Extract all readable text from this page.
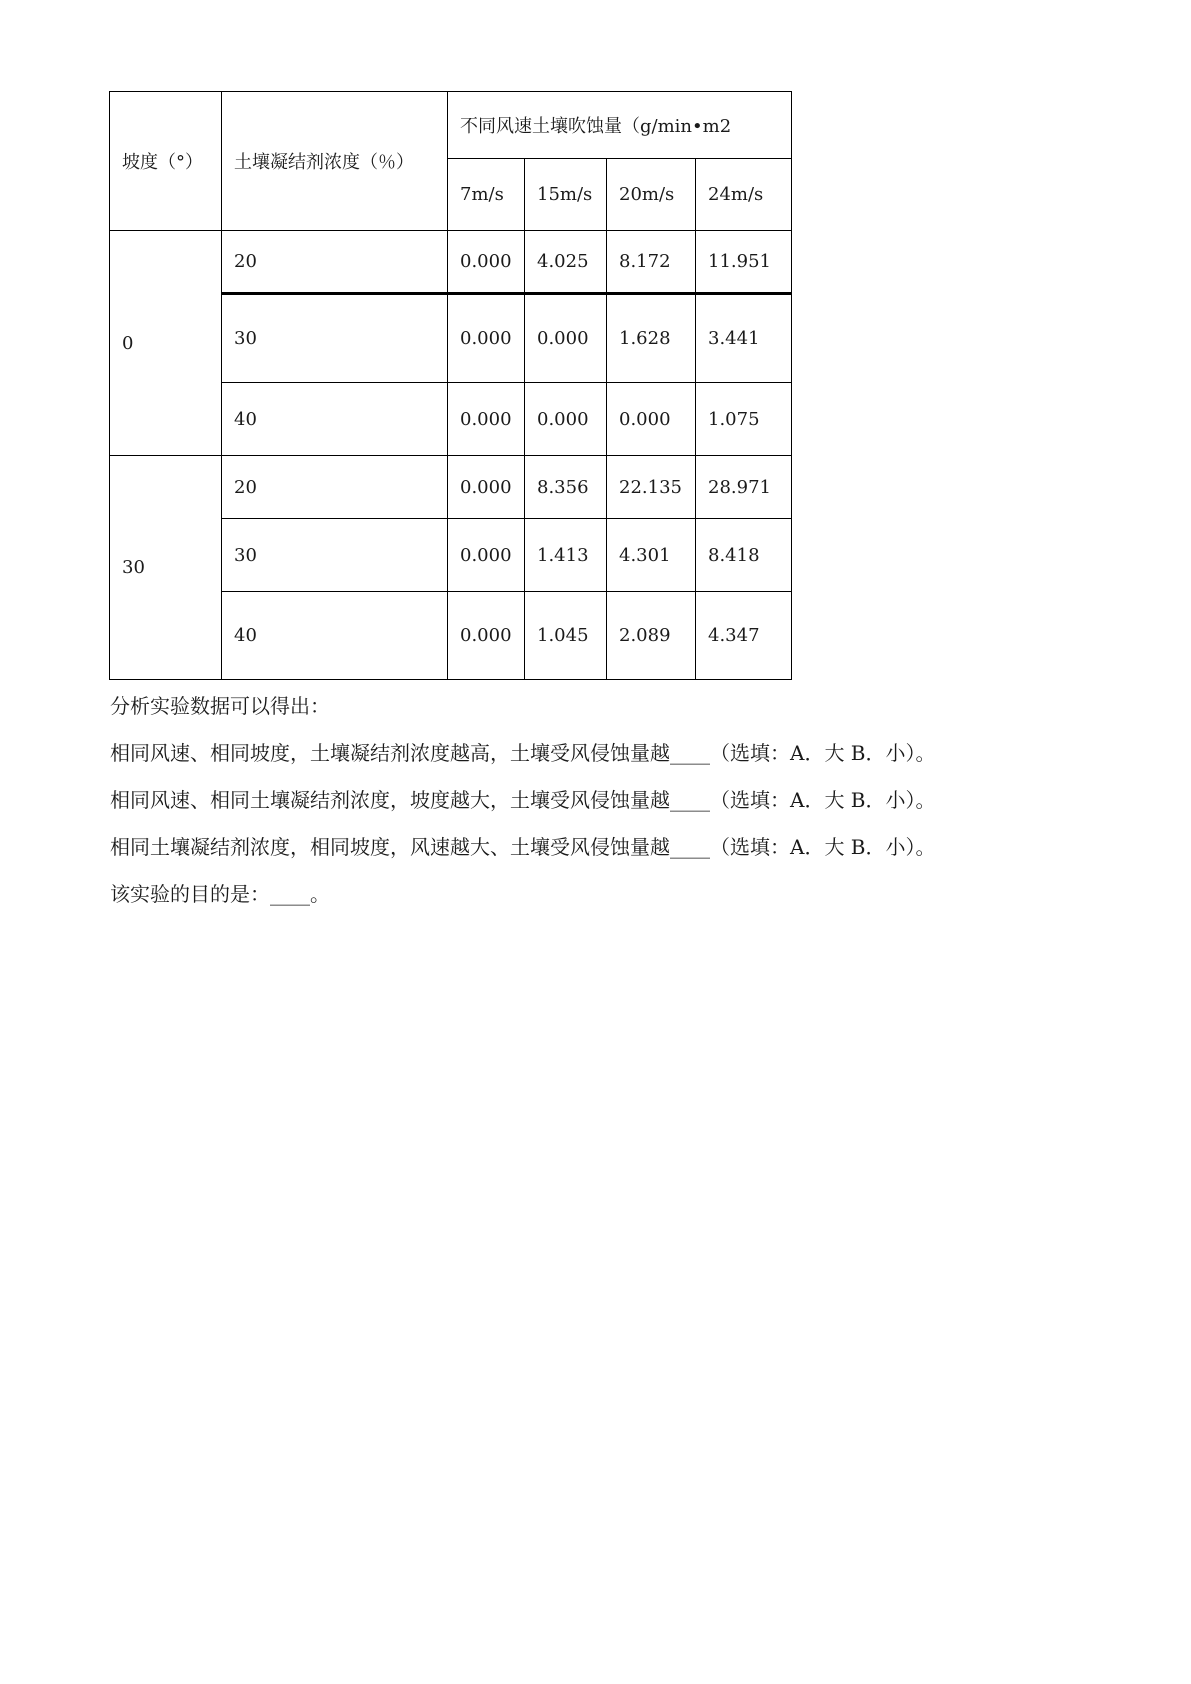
坡度（°）	土壤凝结剂浓度（％）	不同风速土壤吹蚀量（g/min•m2			
		7m/s	15m/s	20m/s	24m/s
0	20	0.000	4.025	8.172	11.951
	30	0.000	0.000	1.628	3.441
	40	0.000	0.000	0.000	1.075
30	20	0.000	8.356	22.135	28.971
	30	0.000	1.413	4.301	8.418
	40	0.000	1.045	2.089	4.347

分析实验数据可以得出：

相同风速、相同坡度，土壤凝结剂浓度越高，土壤受风侵蚀量越____（选填：A．大 B．小）。

相同风速、相同土壤凝结剂浓度，坡度越大，土壤受风侵蚀量越____（选填：A．大 B．小）。

相同土壤凝结剂浓度，相同坡度，风速越大、土壤受风侵蚀量越____（选填：A．大 B．小）。

该实验的目的是：____。
